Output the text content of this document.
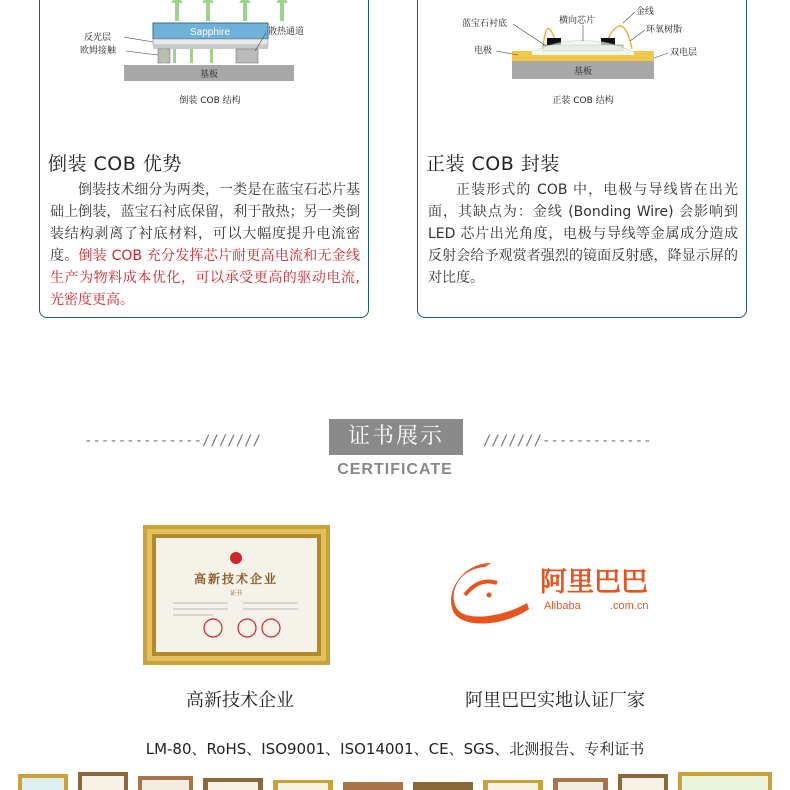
Sapphire
基板
反光层
欧姆接触
散热通道
倒装 COB 结构
倒装 COB 优势
倒装技术细分为两类，一类是在蓝宝石芯片基础上倒装，蓝宝石衬底保留，利于散热；另一类倒装结构剥离了衬底材料，可以大幅度提升电流密度。倒装 COB 充分发挥芯片耐更高电流和无金线生产为物料成本优化，可以承受更高的驱动电流,光密度更高。
基板
金线
蓝宝石衬底	横向芯片
环氧树脂
电极	双电层
正装 COB 结构
正装 COB 封装
正装形式的 COB 中，电极与导线皆在出光面，其缺点为：金线 (Bonding Wire) 会影响到 LED 芯片出光角度，电极与导线等金属成分造成反射会给予观赏者强烈的镜面反射感，降显示屏的对比度。
--------------///////	证书展示	///////-------------
CERTIFICATE
高新技术企业
证书	阿里巴巴
Alibaba	.com.cn
高新技术企业	阿里巴巴实地认证厂家
LM-80、RoHS、ISO9001、ISO14001、CE、SGS、北测报告、专利证书
